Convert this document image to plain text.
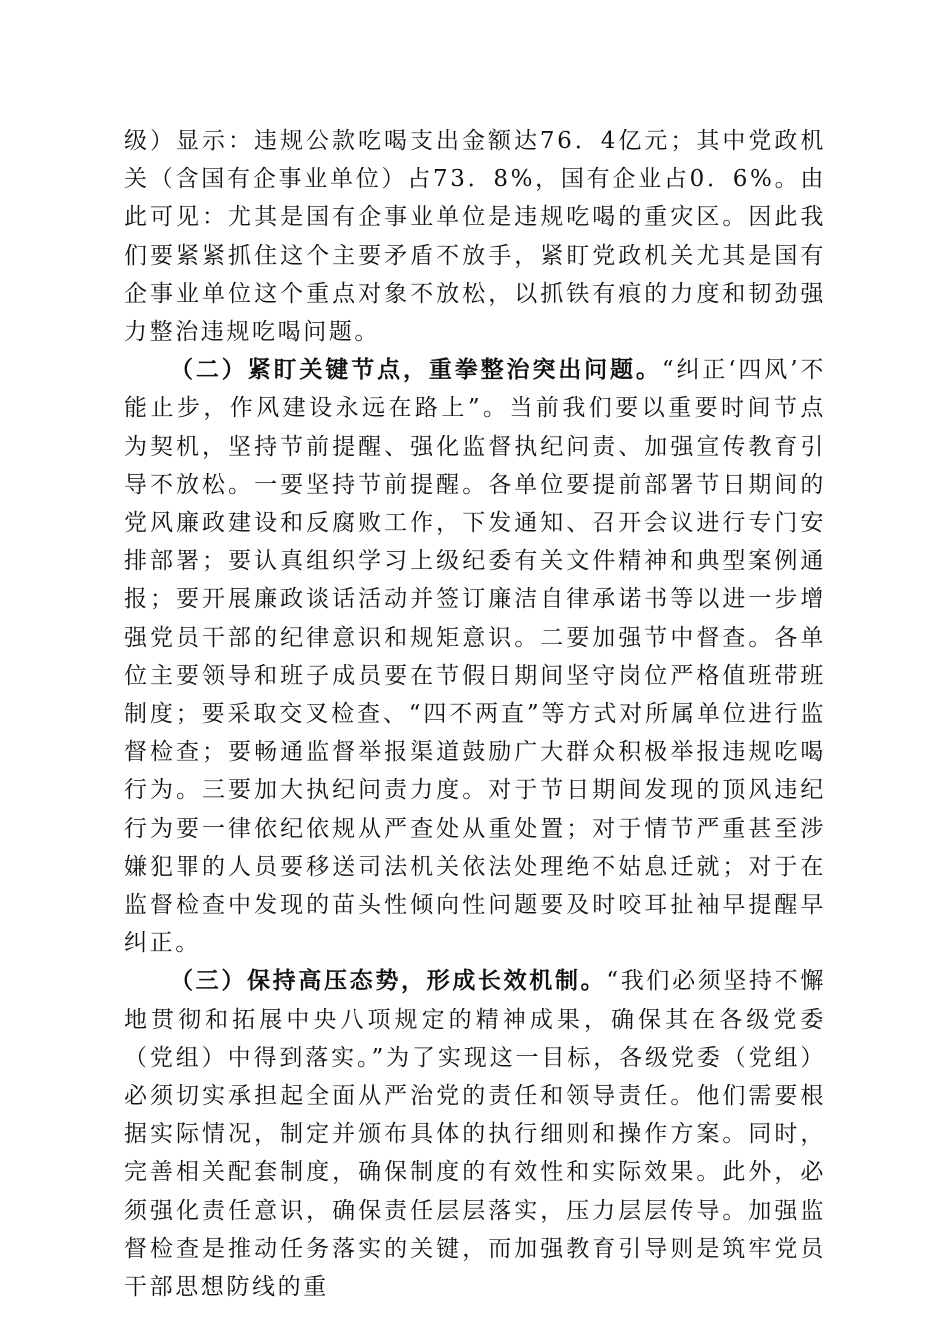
级）显示：违规公款吃喝支出金额达76．4亿元；其中党政机关（含国有企事业单位）占73．8%，国有企业占0．6%。由此可见：尤其是国有企事业单位是违规吃喝的重灾区。因此我们要紧紧抓住这个主要矛盾不放手，紧盯党政机关尤其是国有企事业单位这个重点对象不放松，以抓铁有痕的力度和韧劲强力整治违规吃喝问题。

（二）紧盯关键节点，重拳整治突出问题。“纠正‘四风’不能止步，作风建设永远在路上”。当前我们要以重要时间节点为契机，坚持节前提醒、强化监督执纪问责、加强宣传教育引导不放松。一要坚持节前提醒。各单位要提前部署节日期间的党风廉政建设和反腐败工作，下发通知、召开会议进行专门安排部署；要认真组织学习上级纪委有关文件精神和典型案例通报；要开展廉政谈话活动并签订廉洁自律承诺书等以进一步增强党员干部的纪律意识和规矩意识。二要加强节中督查。各单位主要领导和班子成员要在节假日期间坚守岗位严格值班带班制度；要采取交叉检查、“四不两直”等方式对所属单位进行监督检查；要畅通监督举报渠道鼓励广大群众积极举报违规吃喝行为。三要加大执纪问责力度。对于节日期间发现的顶风违纪行为要一律依纪依规从严查处从重处置；对于情节严重甚至涉嫌犯罪的人员要移送司法机关依法处理绝不姑息迁就；对于在监督检查中发现的苗头性倾向性问题要及时咬耳扯袖早提醒早纠正。

（三）保持高压态势，形成长效机制。“我们必须坚持不懈地贯彻和拓展中央八项规定的精神成果，确保其在各级党委（党组）中得到落实。”为了实现这一目标，各级党委（党组）必须切实承担起全面从严治党的责任和领导责任。他们需要根据实际情况，制定并颁布具体的执行细则和操作方案。同时，完善相关配套制度，确保制度的有效性和实际效果。此外，必须强化责任意识，确保责任层层落实，压力层层传导。加强监督检查是推动任务落实的关键，而加强教育引导则是筑牢党员干部思想防线的重
